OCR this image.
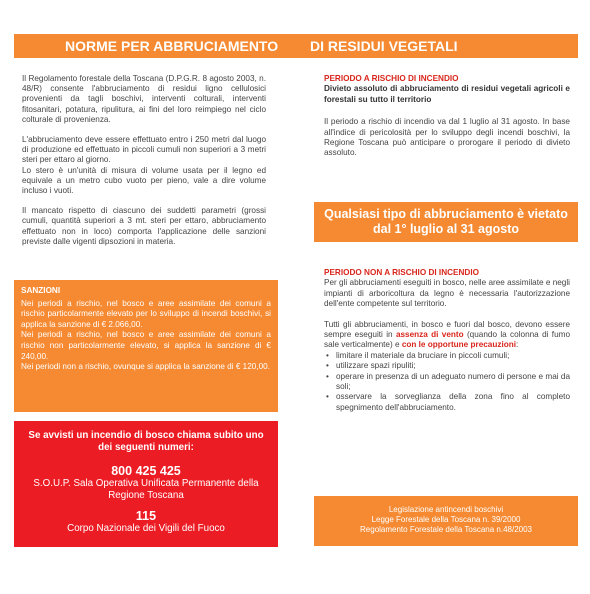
NORME PER ABBRUCIAMENTO DI RESIDUI VEGETALI

Il Regolamento forestale della Toscana (D.P.G.R. 8 agosto 2003, n. 48/R) consente l'abbruciamento di residui ligno cellulosici provenienti da tagli boschivi, interventi colturali, interventi fitosanitari, potatura, ripulitura, ai fini del loro reimpiego nel ciclo colturale di provenienza.

L'abbruciamento deve essere effettuato entro i 250 metri dal luogo di produzione ed effettuato in piccoli cumuli non superiori a 3 metri steri per ettaro al giorno.

Lo stero è un'unità di misura di volume usata per il legno ed equivale a un metro cubo vuoto per pieno, vale a dire volume incluso i vuoti.

Il mancato rispetto di ciascuno dei suddetti parametri (grossi cumuli, quantità superiori a 3 mt. steri per ettaro, abbruciamento effettuato non in loco) comporta l'applicazione delle sanzioni previste dalle vigenti dipsozioni in materia.

SANZIONI

Nei periodi a rischio, nel bosco e aree assimilate dei comuni a rischio particolarmente elevato per lo sviluppo di incendi boschivi, si applica la sanzione di € 2.066,00.

Nei periodi a rischio, nel bosco e aree assimilate dei comuni a rischio non particolarmente elevato, si applica la sanzione di € 240,00.

Nei periodi non a rischio, ovunque si applica la sanzione di € 120,00.

Se avvisti un incendio di bosco chiama subito uno dei seguenti numeri:
800 425 425
S.O.U.P. Sala Operativa Unificata Permanente della Regione Toscana
115
Corpo Nazionale dei Vigili del Fuoco
PERIODO A RISCHIO DI INCENDIO
Divieto assoluto di abbruciamento di residui vegetali agricoli e forestali su tutto il territorio
Il periodo a rischio di incendio va dal 1 luglio al 31 agosto. In base all'indice di pericolosità per lo sviluppo degli incendi boschivi, la Regione Toscana può anticipare o prorogare il periodo di divieto assoluto.
Qualsiasi tipo di abbruciamento è vietato dal 1° luglio al 31 agosto
PERIODO NON A RISCHIO DI INCENDIO
Per gli abbruciamenti eseguiti in bosco, nelle aree assimilate e negli impianti di arboricoltura da legno è necessaria l'autorizzazione dell'ente competente sul territorio.
Tutti gli abbruciamenti, in bosco e fuori dal bosco, devono essere sempre eseguiti in assenza di vento (quando la colonna di fumo sale verticalmente) e con le opportune precauzioni:
• limitare il materiale da bruciare in piccoli cumuli;
• utilizzare spazi ripuliti;
• operare in presenza di un adeguato numero di persone e mai da soli;
• osservare la sorveglianza della zona fino al completo spegnimento dell'abbruciamento.
Legislazione antincendi boschivi
Legge Forestale della Toscana n. 39/2000
Regolamento Forestale della Toscana n.48/2003
